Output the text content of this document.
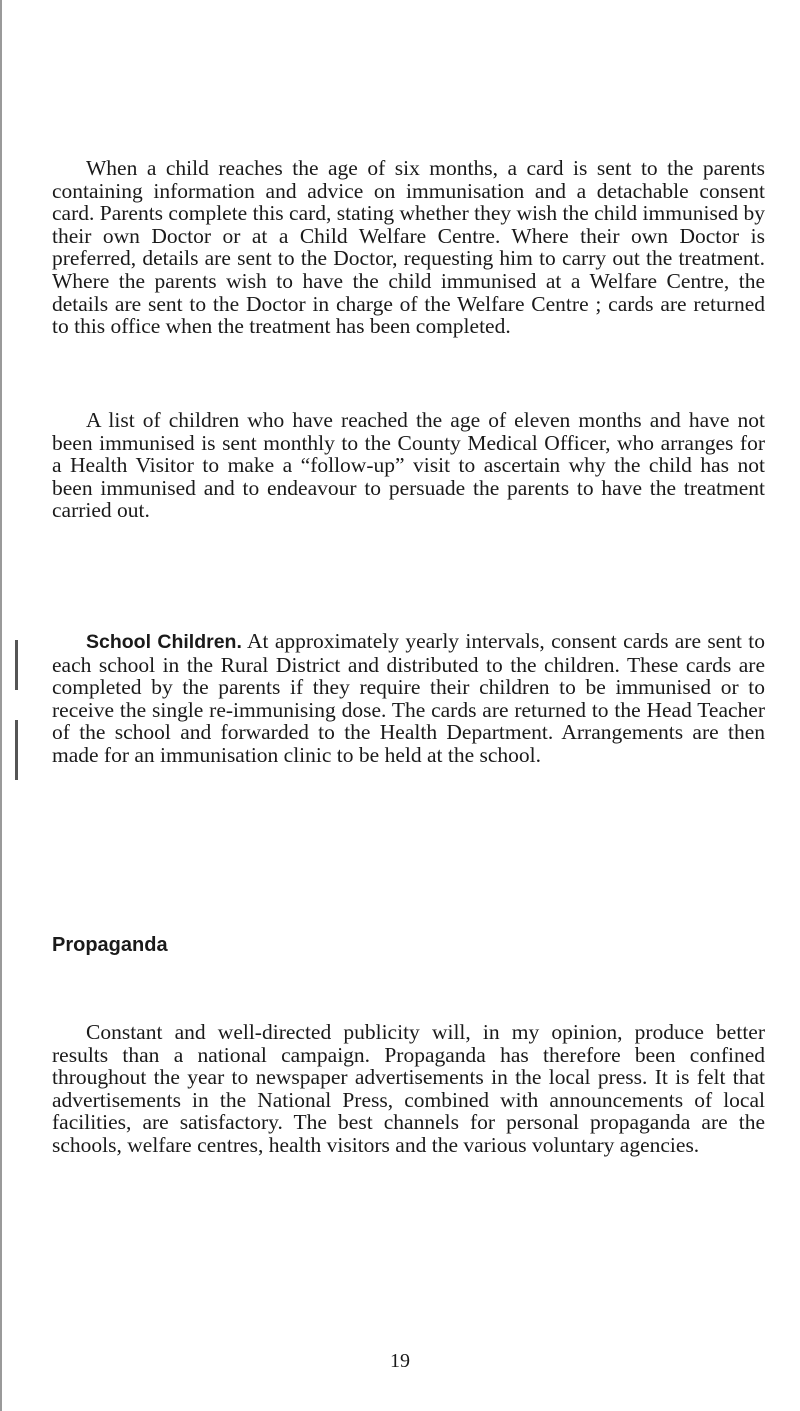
When a child reaches the age of six months, a card is sent to the parents containing information and advice on immunisation and a detachable consent card. Parents complete this card, stating whether they wish the child immunised by their own Doctor or at a Child Welfare Centre. Where their own Doctor is preferred, details are sent to the Doctor, requesting him to carry out the treatment. Where the parents wish to have the child immunised at a Welfare Centre, the details are sent to the Doctor in charge of the Welfare Centre ; cards are returned to this office when the treatment has been completed.

A list of children who have reached the age of eleven months and have not been immunised is sent monthly to the County Medical Officer, who arranges for a Health Visitor to make a “follow-up” visit to ascertain why the child has not been immunised and to endeavour to persuade the parents to have the treatment carried out.

School Children. At approximately yearly intervals, consent cards are sent to each school in the Rural District and distributed to the children. These cards are completed by the parents if they require their children to be immunised or to receive the single re-immunising dose. The cards are returned to the Head Teacher of the school and forwarded to the Health Department. Arrangements are then made for an immunisation clinic to be held at the school.

Propaganda

Constant and well-directed publicity will, in my opinion, produce better results than a national campaign. Propaganda has therefore been confined throughout the year to newspaper advertisements in the local press. It is felt that advertisements in the National Press, combined with announcements of local facilities, are satisfactory. The best channels for personal propaganda are the schools, welfare centres, health visitors and the various voluntary agencies.

19
